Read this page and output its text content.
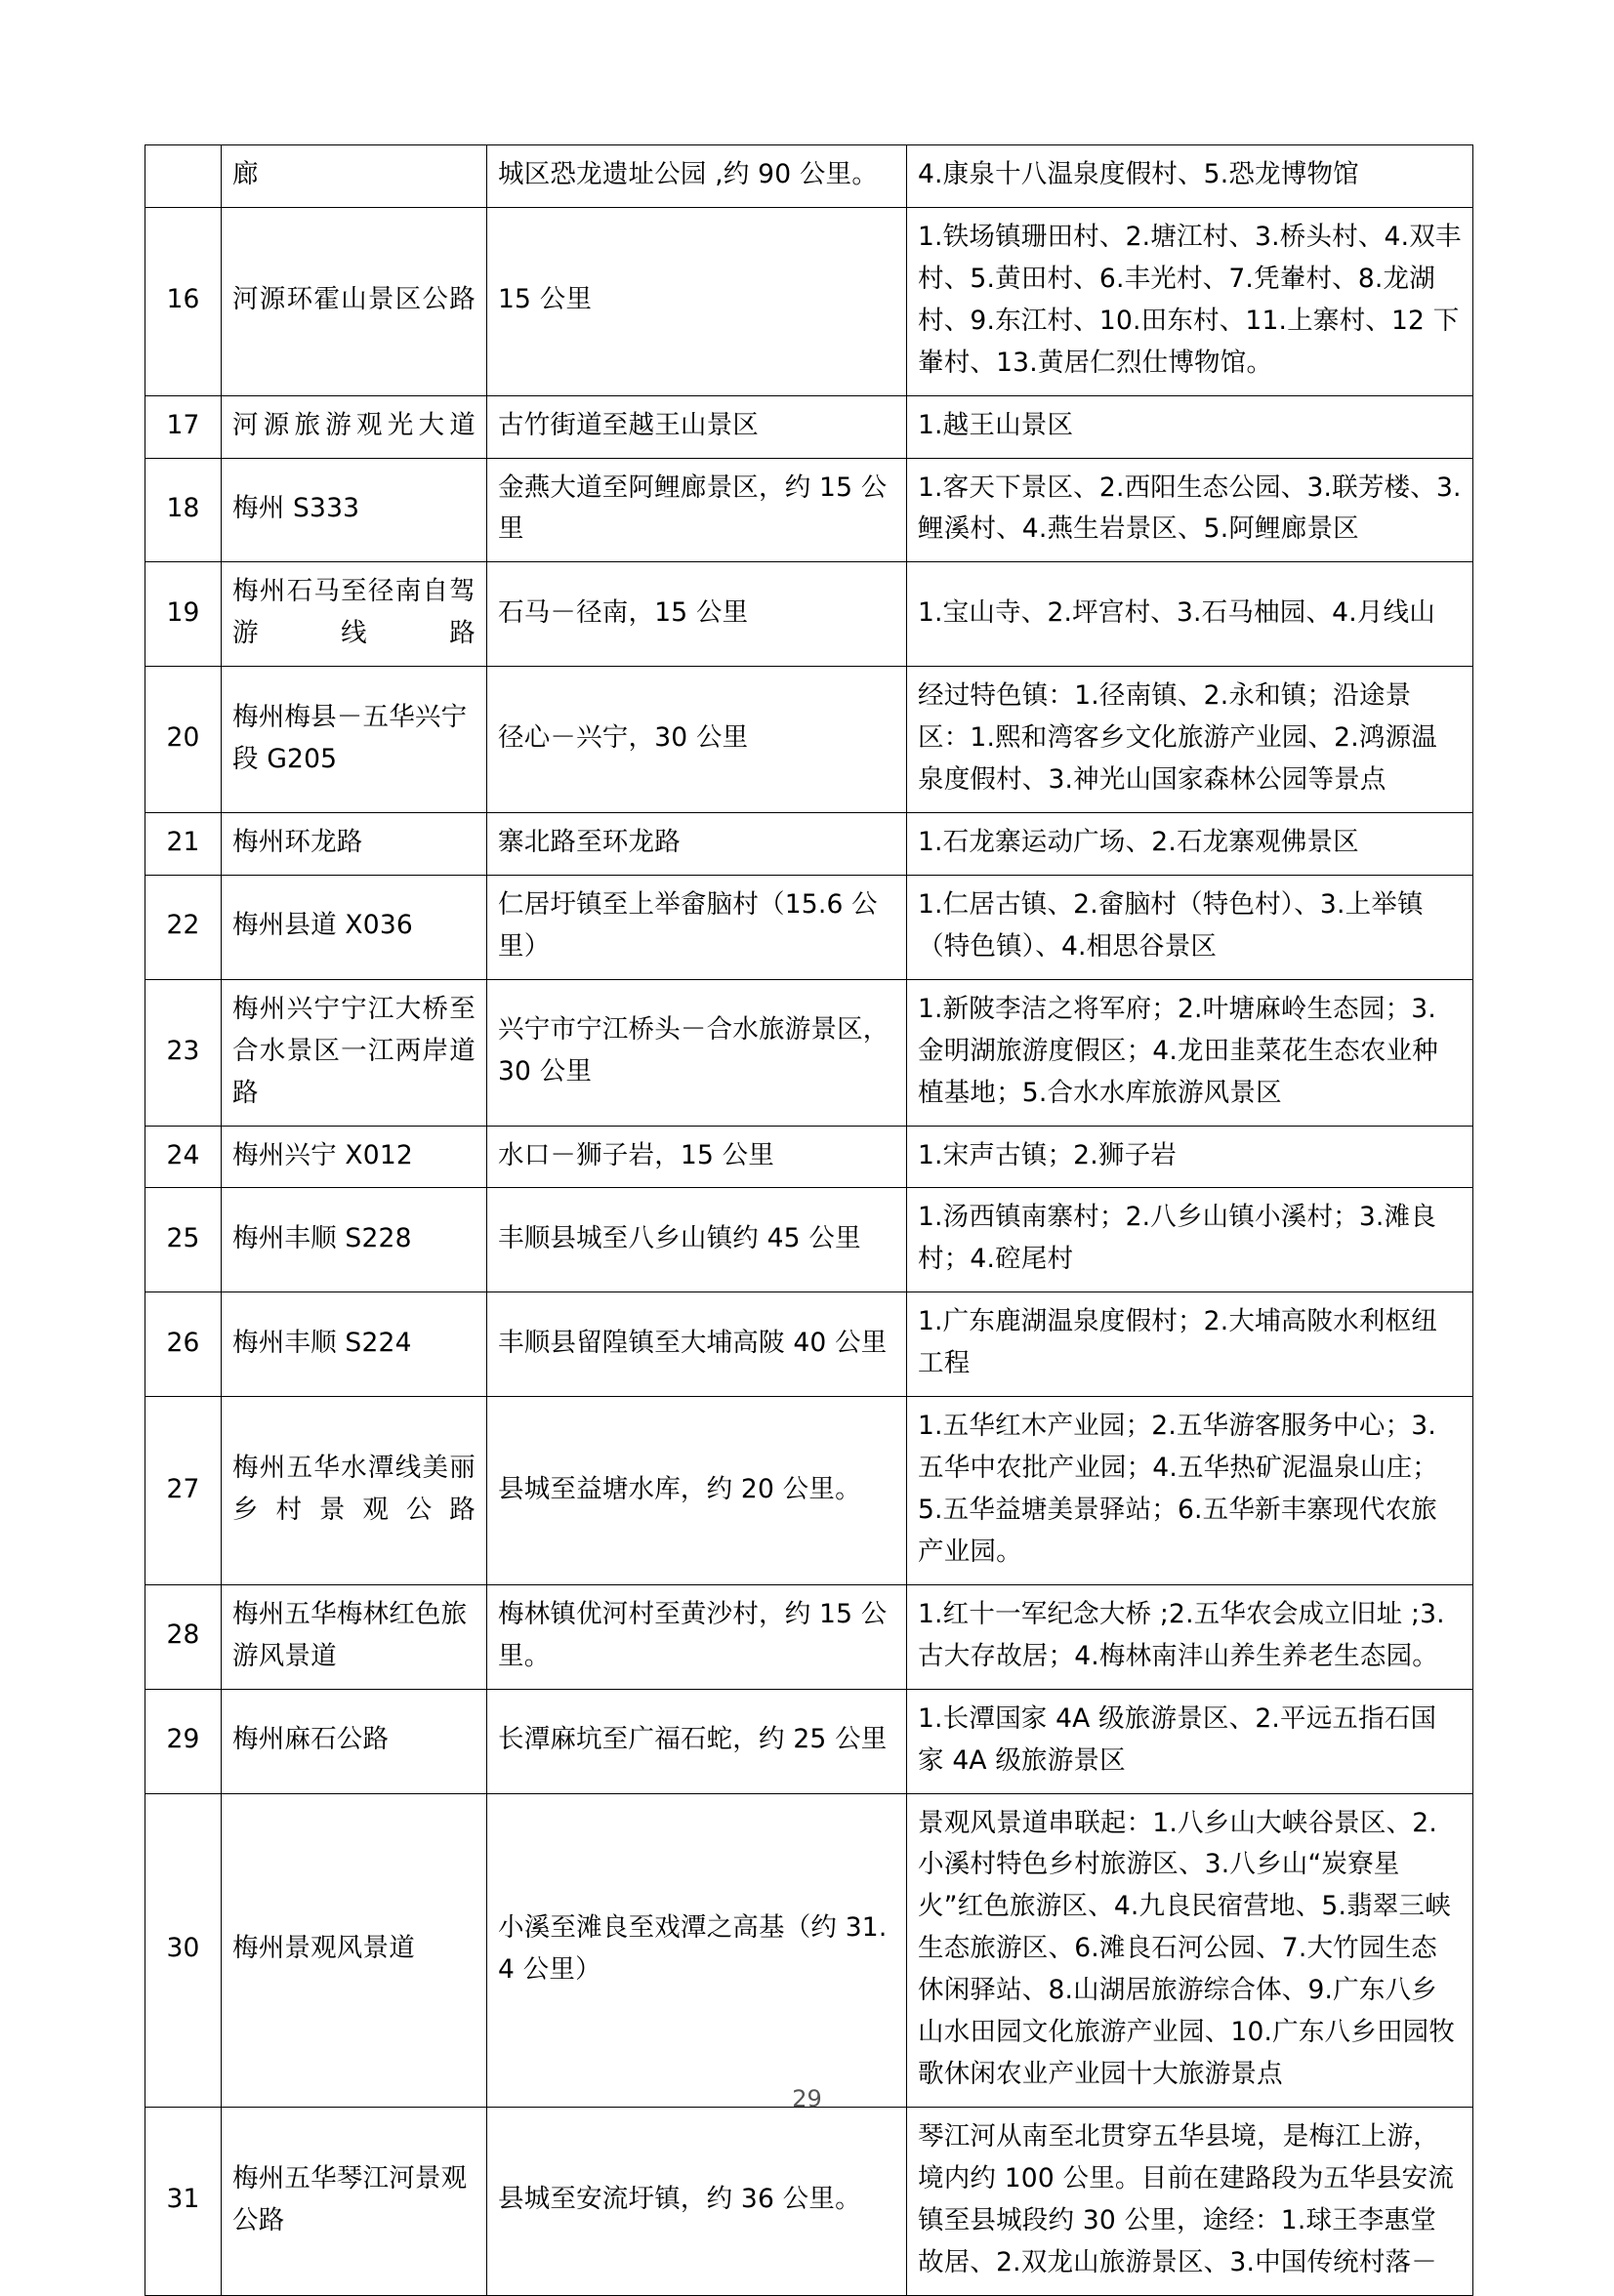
	廊	城区恐龙遗址公园 ,约 90 公里。	4.康泉十八温泉度假村、5.恐龙博物馆
16	河源环霍山景区公路	15 公里	1.铁场镇珊田村、2.塘江村、3.桥头村、4.双丰村、5.黄田村、6.丰光村、7.凭輋村、8.龙湖村、9.东江村、10.田东村、11.上寨村、12 下輋村、13.黄居仁烈仕博物馆。
17	河源旅游观光大道	古竹街道至越王山景区	1.越王山景区
18	梅州 S333	金燕大道至阿鲤廊景区，约 15 公里	1.客天下景区、2.西阳生态公园、3.联芳楼、3.鲤溪村、4.燕生岩景区、5.阿鲤廊景区
19	梅州石马至径南自驾游线路	石马－径南，15 公里	1.宝山寺、2.坪宫村、3.石马柚园、4.月线山
20	梅州梅县－五华兴宁段 G205	径心－兴宁，30 公里	经过特色镇：1.径南镇、2.永和镇；沿途景区：1.熙和湾客乡文化旅游产业园、2.鸿源温泉度假村、3.神光山国家森林公园等景点
21	梅州环龙路	寨北路至环龙路	1.石龙寨运动广场、2.石龙寨观佛景区
22	梅州县道 X036	仁居圩镇至上举畲脑村（15.6 公里）	1.仁居古镇、2.畲脑村（特色村）、3.上举镇（特色镇）、4.相思谷景区
23	梅州兴宁宁江大桥至合水景区一江两岸道路	兴宁市宁江桥头－合水旅游景区，30 公里	1.新陂李洁之将军府；2.叶塘麻岭生态园；3.金明湖旅游度假区；4.龙田韭菜花生态农业种植基地；5.合水水库旅游风景区
24	梅州兴宁 X012	水口－狮子岩，15 公里	1.宋声古镇；2.狮子岩
25	梅州丰顺 S228	丰顺县城至八乡山镇约 45 公里	1.汤西镇南寨村；2.八乡山镇小溪村；3.滩良村；4.硿尾村
26	梅州丰顺 S224	丰顺县留隍镇至大埔高陂 40 公里	1.广东鹿湖温泉度假村；2.大埔高陂水利枢纽工程
27	梅州五华水潭线美丽乡村景观公路	县城至益塘水库，约 20 公里。	1.五华红木产业园；2.五华游客服务中心；3.五华中农批产业园；4.五华热矿泥温泉山庄；5.五华益塘美景驿站；6.五华新丰寨现代农旅产业园。
28	梅州五华梅林红色旅游风景道	梅林镇优河村至黄沙村，约 15 公里。	1.红十一军纪念大桥 ;2.五华农会成立旧址 ;3.古大存故居；4.梅林南沣山养生养老生态园。
29	梅州麻石公路	长潭麻坑至广福石蛇，约 25 公里	1.长潭国家 4A 级旅游景区、2.平远五指石国家 4A 级旅游景区
30	梅州景观风景道	小溪至滩良至戏潭之高基（约 31.4 公里）	景观风景道串联起：1.八乡山大峡谷景区、2.小溪村特色乡村旅游区、3.八乡山“炭寮星火”红色旅游区、4.九良民宿营地、5.翡翠三峡生态旅游区、6.滩良石河公园、7.大竹园生态休闲驿站、8.山湖居旅游综合体、9.广东八乡山水田园文化旅游产业园、10.广东八乡田园牧歌休闲农业产业园十大旅游景点
31	梅州五华琴江河景观公路	县城至安流圩镇，约 36 公里。	琴江河从南至北贯穿五华县境，是梅江上游，境内约 100 公里。目前在建路段为五华县安流镇至县城段约 30 公里，途经：1.球王李惠堂故居、2.双龙山旅游景区、3.中国传统村落－
29
